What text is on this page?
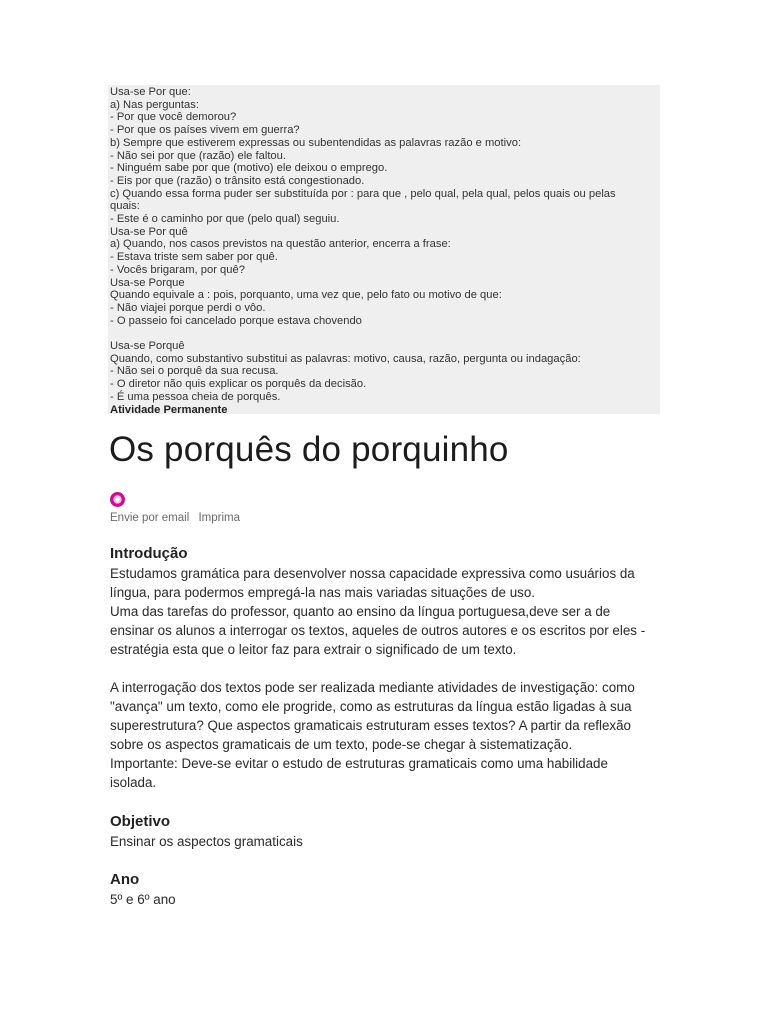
Usa-se Por que:
a) Nas perguntas:
- Por que você demorou?
- Por que os países vivem em guerra?
b) Sempre que estiverem expressas ou subentendidas as palavras razão e motivo:
- Não sei por que (razão) ele faltou.
- Ninguém sabe por que (motivo) ele deixou o emprego.
- Eis por que (razão) o trânsito está congestionado.
c) Quando essa forma puder ser substituída por : para que , pelo qual, pela qual, pelos quais ou pelas
quais:
- Este é o caminho por que (pelo qual) seguiu.
Usa-se Por quê
a) Quando, nos casos previstos na questão anterior, encerra a frase:
- Estava triste sem saber por quê.
- Vocês brigaram, por quê?
Usa-se Porque
Quando equivale a : pois, porquanto, uma vez que, pelo fato ou motivo de que:
- Não viajei porque perdi o vôo.
- O passeio foi cancelado porque estava chovendo
Usa-se Porquê
Quando, como substantivo substitui as palavras: motivo, causa, razão, pergunta ou indagação:
- Não sei o porquê da sua recusa.
- O diretor não quis explicar os porquês da decisão.
- É uma pessoa cheia de porquês.
Atividade Permanente
Os porquês do porquinho
Envie por email Imprima
Introdução
Estudamos gramática para desenvolver nossa capacidade expressiva como usuários da
língua, para podermos empregá-la nas mais variadas situações de uso.
Uma das tarefas do professor, quanto ao ensino da língua portuguesa,deve ser a de
ensinar os alunos a interrogar os textos, aqueles de outros autores e os escritos por eles -
estratégia esta que o leitor faz para extrair o significado de um texto.
A interrogação dos textos pode ser realizada mediante atividades de investigação: como
"avança" um texto, como ele progride, como as estruturas da língua estão ligadas à sua
superestrutura? Que aspectos gramaticais estruturam esses textos? A partir da reflexão
sobre os aspectos gramaticais de um texto, pode-se chegar à sistematização.
Importante: Deve-se evitar o estudo de estruturas gramaticais como uma habilidade
isolada.
Objetivo
Ensinar os aspectos gramaticais
Ano
5º e 6º ano
